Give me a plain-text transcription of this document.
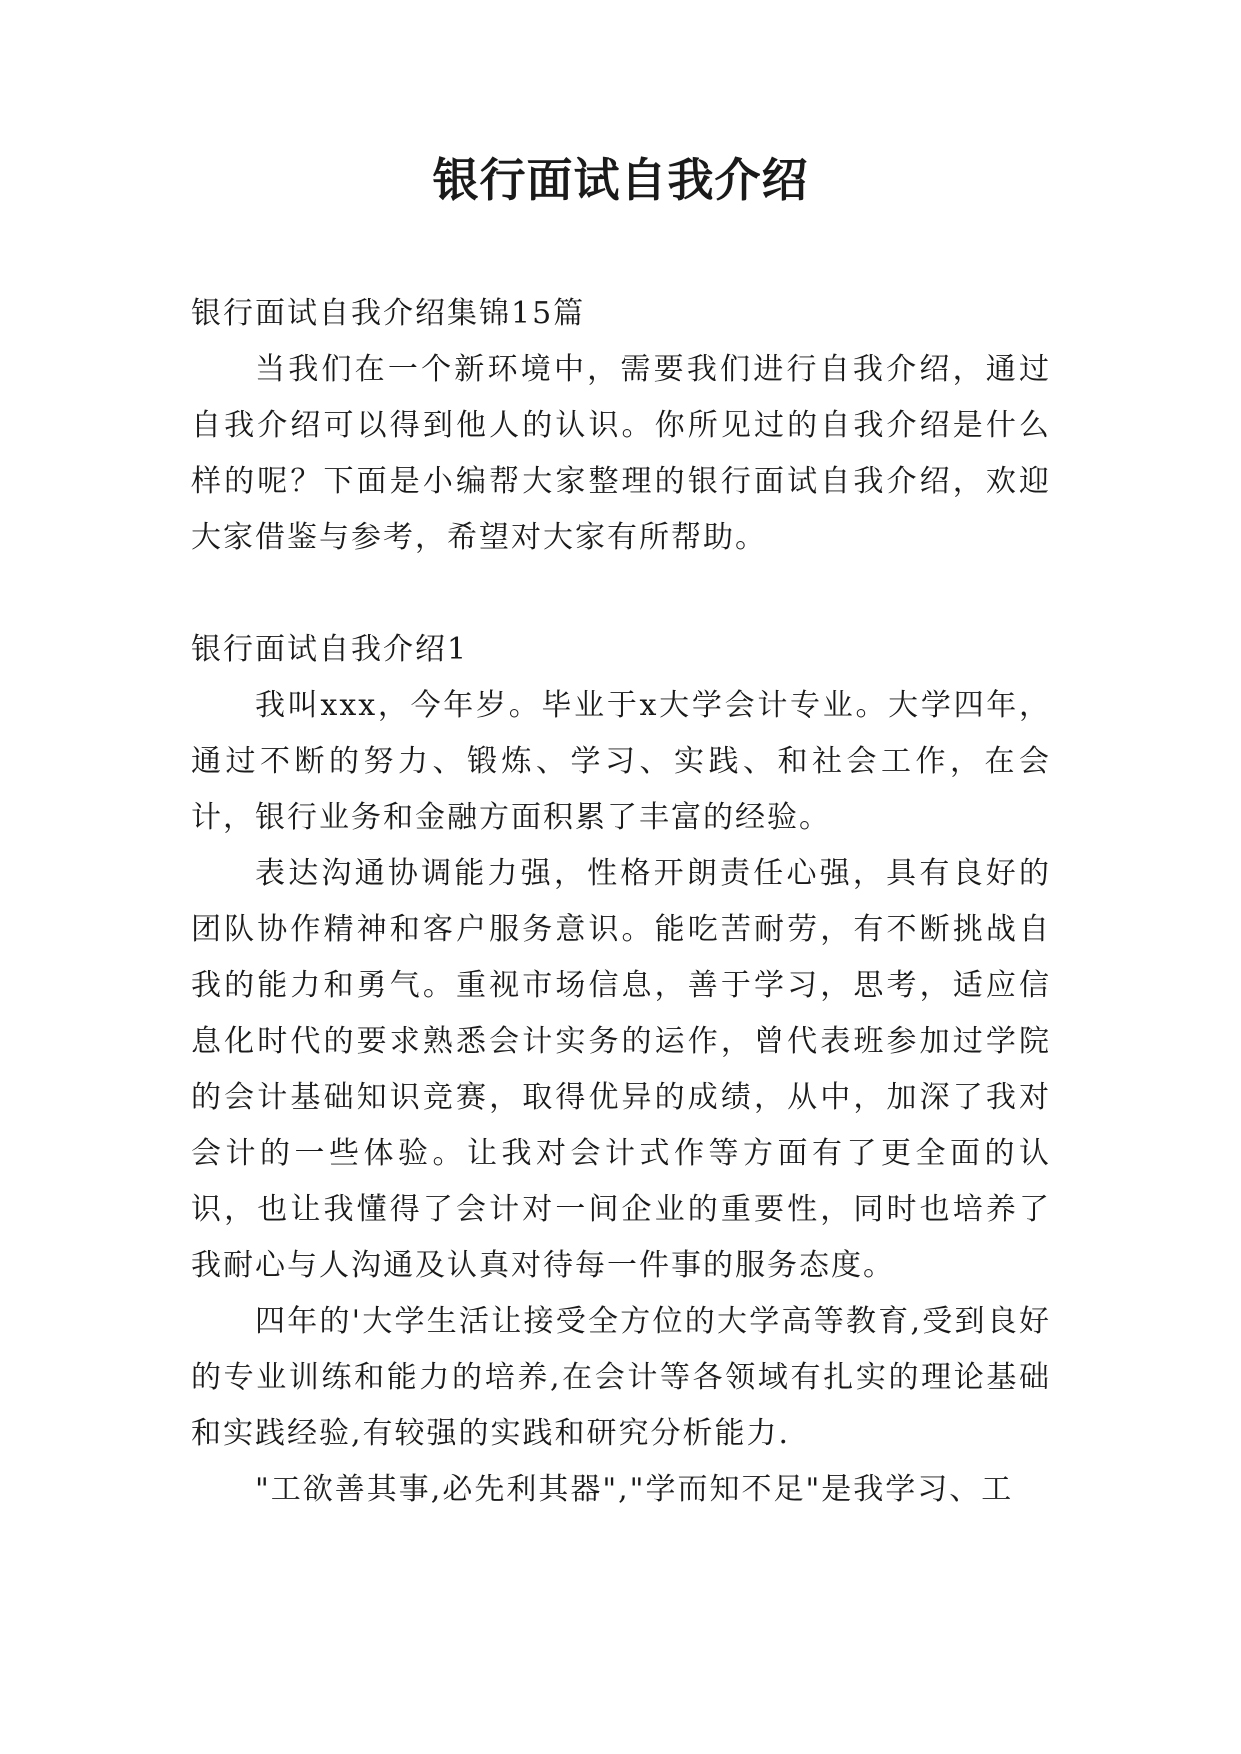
银行面试自我介绍

银行面试自我介绍集锦15篇

当我们在一个新环境中，需要我们进行自我介绍，通过自我介绍可以得到他人的认识。你所见过的自我介绍是什么样的呢？下面是小编帮大家整理的银行面试自我介绍，欢迎大家借鉴与参考，希望对大家有所帮助。

银行面试自我介绍1

我叫xxx，今年岁。毕业于x大学会计专业。大学四年，通过不断的努力、锻炼、学习、实践、和社会工作，在会计，银行业务和金融方面积累了丰富的经验。

表达沟通协调能力强，性格开朗责任心强，具有良好的团队协作精神和客户服务意识。能吃苦耐劳，有不断挑战自我的能力和勇气。重视市场信息，善于学习，思考，适应信息化时代的要求熟悉会计实务的运作，曾代表班参加过学院的会计基础知识竞赛，取得优异的成绩，从中，加深了我对会计的一些体验。让我对会计式作等方面有了更全面的认识，也让我懂得了会计对一间企业的重要性，同时也培养了我耐心与人沟通及认真对待每一件事的服务态度。

四年的'大学生活让接受全方位的大学高等教育,受到良好的专业训练和能力的培养,在会计等各领域有扎实的理论基础和实践经验,有较强的实践和研究分析能力.

"工欲善其事,必先利其器","学而知不足"是我学习、工
